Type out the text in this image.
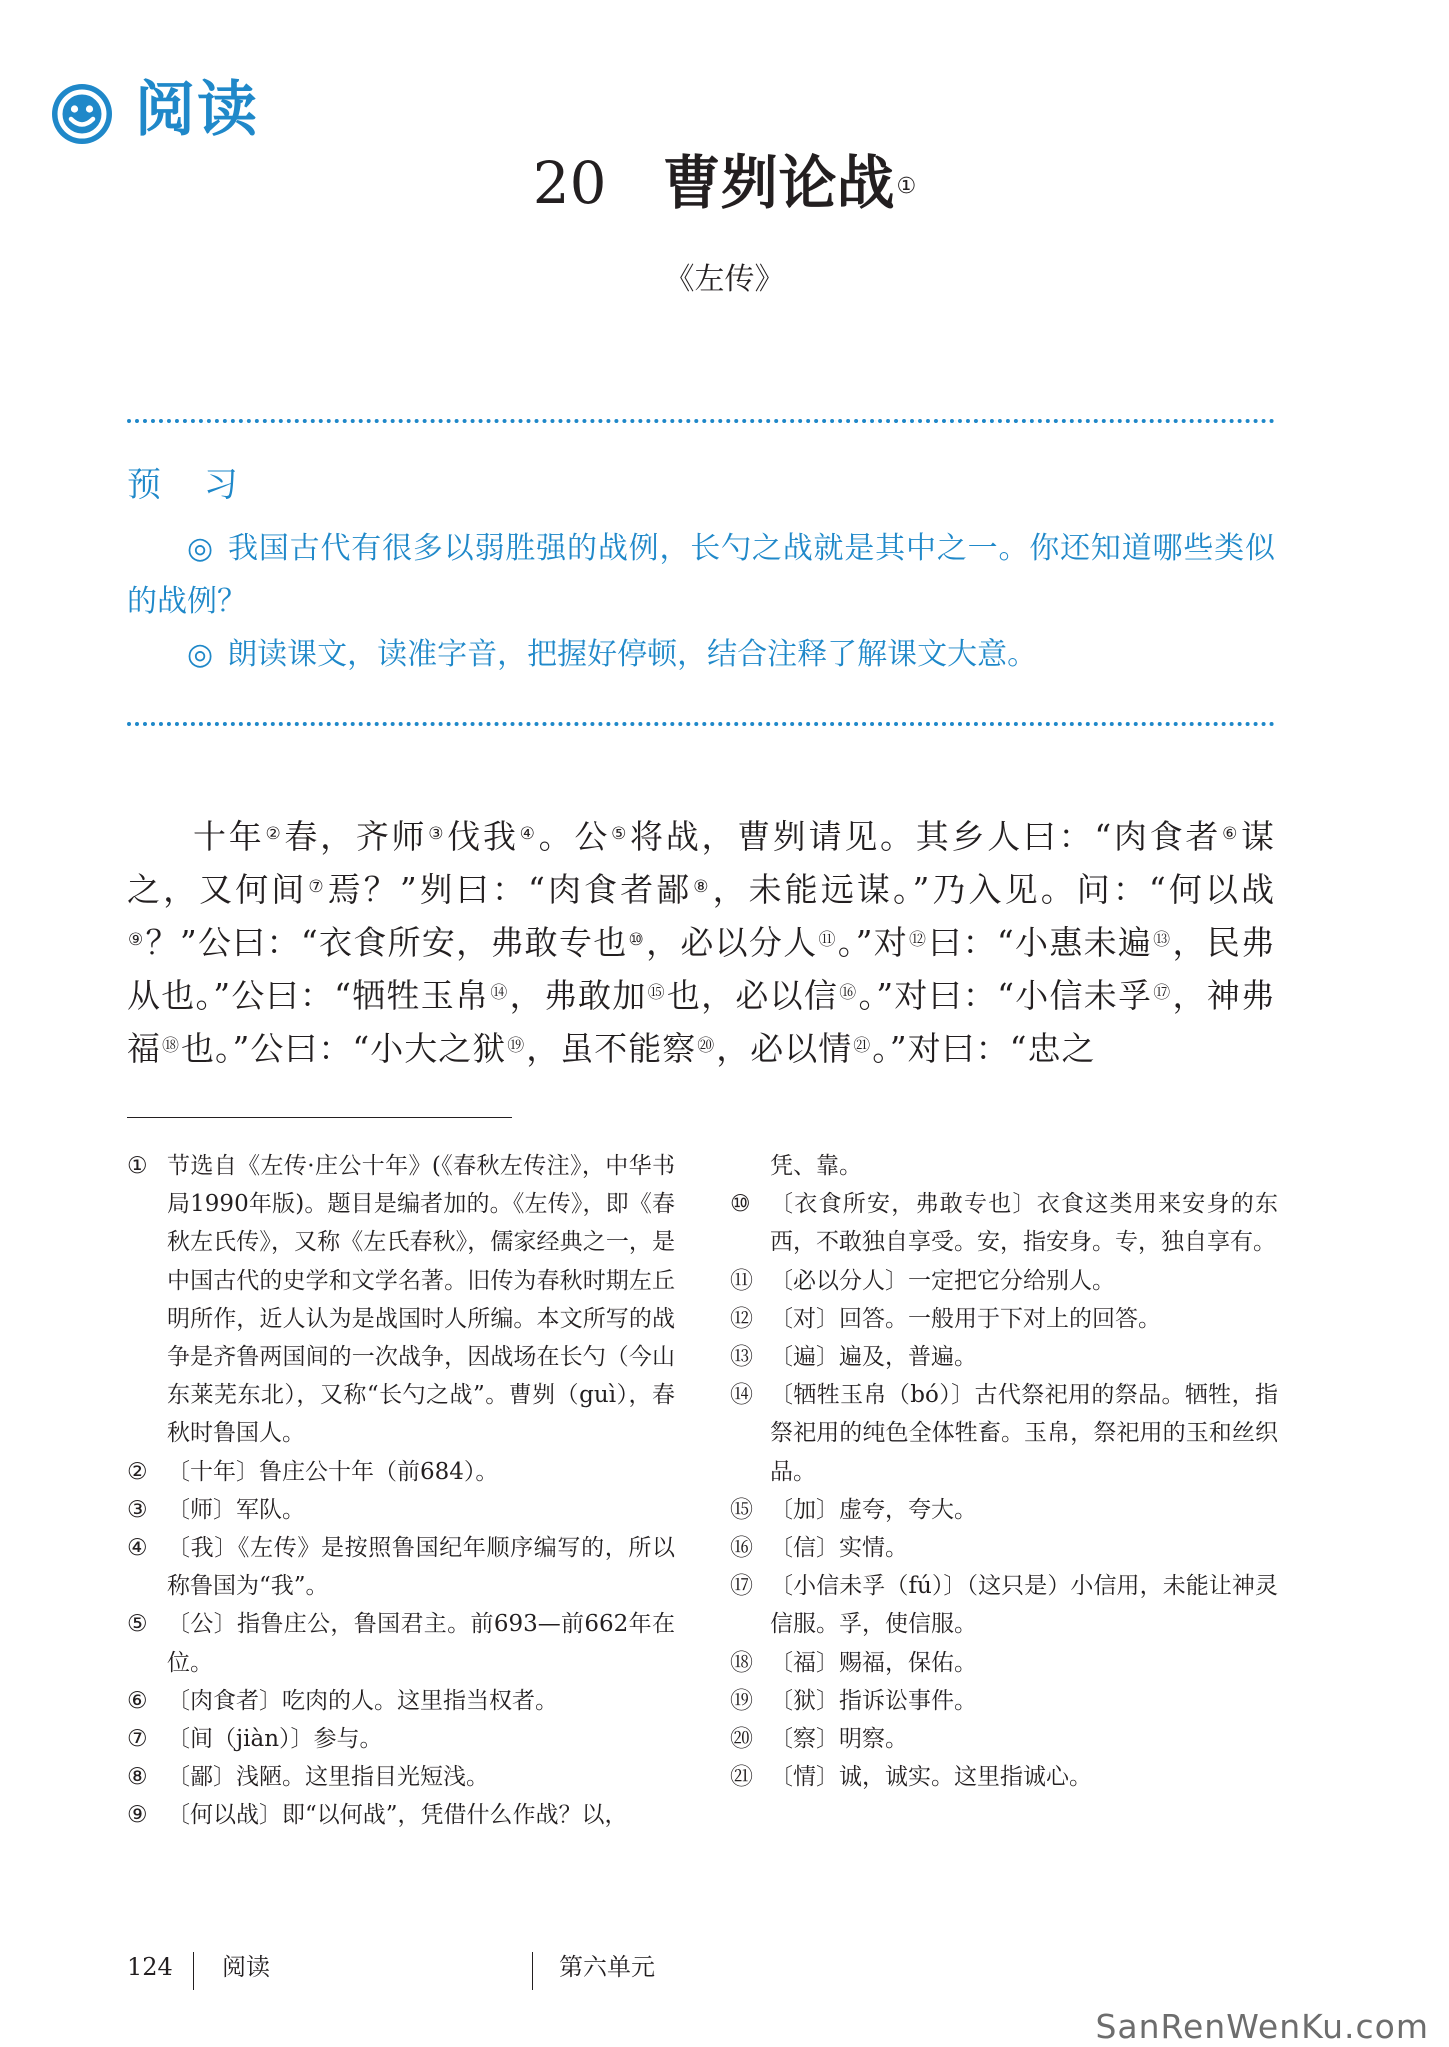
阅读
20 曹刿论战①
《左传》
预 习

◎ 我国古代有很多以弱胜强的战例，长勺之战就是其中之一。你还知道哪些类似的战例？

◎ 朗读课文，读准字音，把握好停顿，结合注释了解课文大意。

十年②春，齐师③伐我④。公⑤将战，曹刿请见。其乡人曰：“肉食者⑥谋之，又何间⑦焉？”刿曰：“肉食者鄙⑧，未能远谋。”乃入见。问：“何以战⑨？”公曰：“衣食所安，弗敢专也⑩，必以分人⑪。”对⑫曰：“小惠未遍⑬，民弗从也。”公曰：“牺牲玉帛⑭，弗敢加⑮也，必以信⑯。”对曰：“小信未孚⑰，神弗福⑱也。”公曰：“小大之狱⑲，虽不能察⑳，必以情$^㉑$。”对曰：“忠之
① 节选自《左传·庄公十年》(《春秋左传注》，中华书局1990年版)。题目是编者加的。《左传》，即《春秋左氏传》，又称《左氏春秋》，儒家经典之一，是中国古代的史学和文学名著。旧传为春秋时期左丘明所作，近人认为是战国时人所编。本文所写的战争是齐鲁两国间的一次战争，因战场在长勺（今山东莱芜东北），又称“长勺之战”。曹刿（guì），春秋时鲁国人。
② 〔十年〕鲁庄公十年（前684）。
③ 〔师〕军队。
④ 〔我〕《左传》是按照鲁国纪年顺序编写的，所以称鲁国为“我”。
⑤ 〔公〕指鲁庄公，鲁国君主。前693—前662年在位。
⑥ 〔肉食者〕吃肉的人。这里指当权者。
⑦ 〔间（jiàn）〕参与。
⑧ 〔鄙〕浅陋。这里指目光短浅。
⑨ 〔何以战〕即“以何战”，凭借什么作战？以，
凭、靠。
⑩ 〔衣食所安，弗敢专也〕衣食这类用来安身的东西，不敢独自享受。安，指安身。专，独自享有。
⑪ 〔必以分人〕一定把它分给别人。
⑫ 〔对〕回答。一般用于下对上的回答。
⑬ 〔遍〕遍及，普遍。
⑭ 〔牺牲玉帛（bó）〕古代祭祀用的祭品。牺牲，指祭祀用的纯色全体牲畜。玉帛，祭祀用的玉和丝织品。
⑮ 〔加〕虚夸，夸大。
⑯ 〔信〕实情。
⑰ 〔小信未孚（fú）〕（这只是）小信用，未能让神灵信服。孚，使信服。
⑱ 〔福〕赐福，保佑。
⑲ 〔狱〕指诉讼事件。
⑳ 〔察〕明察。
㉑ 〔情〕诚，诚实。这里指诚心。
124 阅读	第六单元
SanRenWenKu.com
